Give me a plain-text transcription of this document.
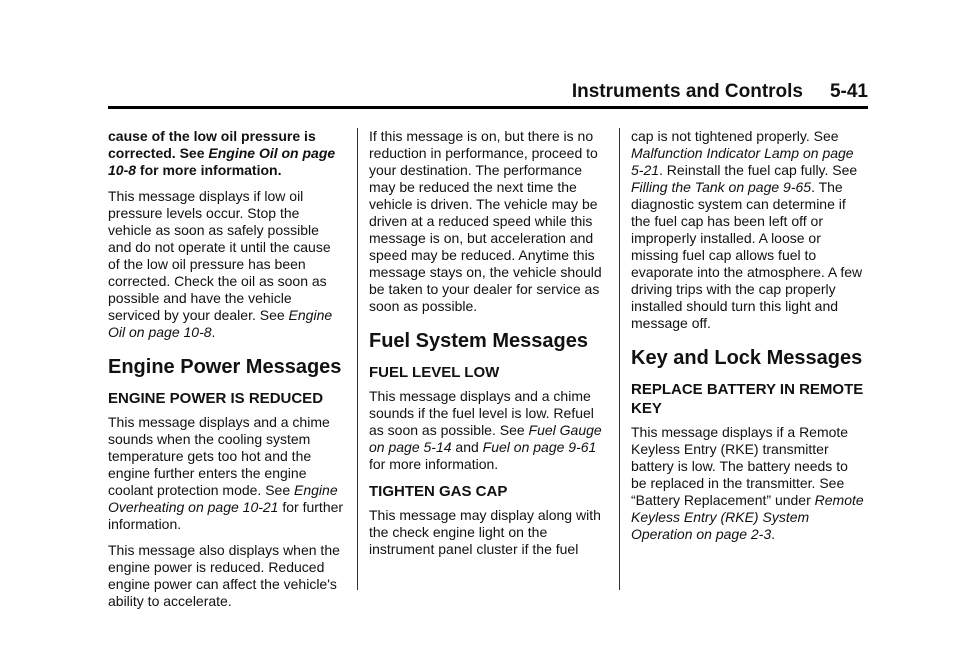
Instruments and Controls 5-41

cause of the low oil pressure is corrected. See Engine Oil on page 10-8 for more information.

This message displays if low oil pressure levels occur. Stop the vehicle as soon as safely possible and do not operate it until the cause of the low oil pressure has been corrected. Check the oil as soon as possible and have the vehicle serviced by your dealer. See Engine Oil on page 10-8.

Engine Power Messages
ENGINE POWER IS REDUCED

This message displays and a chime sounds when the cooling system temperature gets too hot and the engine further enters the engine coolant protection mode. See Engine Overheating on page 10-21 for further information.

This message also displays when the engine power is reduced. Reduced engine power can affect the vehicle's ability to accelerate.

If this message is on, but there is no reduction in performance, proceed to your destination. The performance may be reduced the next time the vehicle is driven. The vehicle may be driven at a reduced speed while this message is on, but acceleration and speed may be reduced. Anytime this message stays on, the vehicle should be taken to your dealer for service as soon as possible.

Fuel System Messages
FUEL LEVEL LOW

This message displays and a chime sounds if the fuel level is low. Refuel as soon as possible. See Fuel Gauge on page 5-14 and Fuel on page 9-61 for more information.

TIGHTEN GAS CAP

This message may display along with the check engine light on the instrument panel cluster if the fuel

cap is not tightened properly. See Malfunction Indicator Lamp on page 5-21. Reinstall the fuel cap fully. See Filling the Tank on page 9-65. The diagnostic system can determine if the fuel cap has been left off or improperly installed. A loose or missing fuel cap allows fuel to evaporate into the atmosphere. A few driving trips with the cap properly installed should turn this light and message off.

Key and Lock Messages
REPLACE BATTERY IN REMOTE KEY

This message displays if a Remote Keyless Entry (RKE) transmitter battery is low. The battery needs to be replaced in the transmitter. See “Battery Replacement” under Remote Keyless Entry (RKE) System Operation on page 2-3.
